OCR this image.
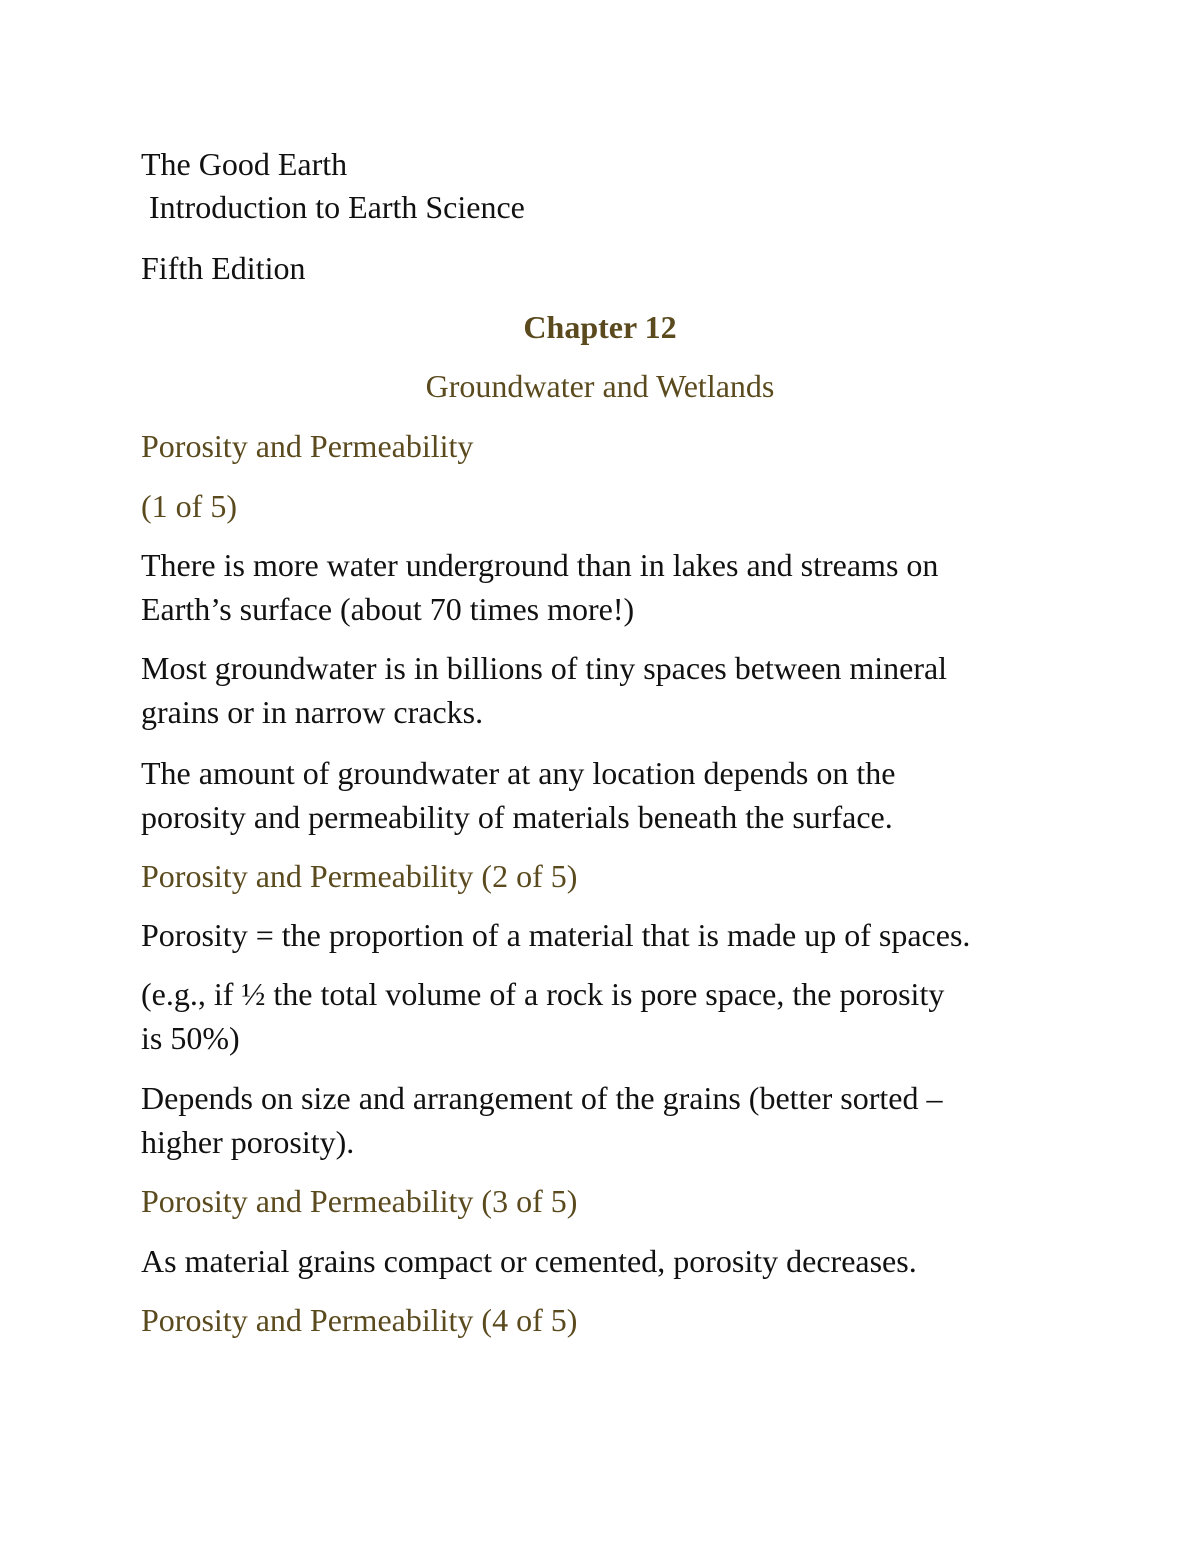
The Good Earth
Introduction to Earth Science
Fifth Edition
Chapter 12
Groundwater and Wetlands
Porosity and Permeability
(1 of 5)
There is more water underground than in lakes and streams on
Earth’s surface (about 70 times more!)
Most groundwater is in billions of tiny spaces between mineral
grains or in narrow cracks.
The amount of groundwater at any location depends on the
porosity and permeability of materials beneath the surface.
Porosity and Permeability (2 of 5)
Porosity = the proportion of a material that is made up of spaces.
(e.g., if ½ the total volume of a rock is pore space, the porosity
is 50%)
Depends on size and arrangement of the grains (better sorted –
higher porosity).
Porosity and Permeability (3 of 5)
As material grains compact or cemented, porosity decreases.
Porosity and Permeability (4 of 5)
